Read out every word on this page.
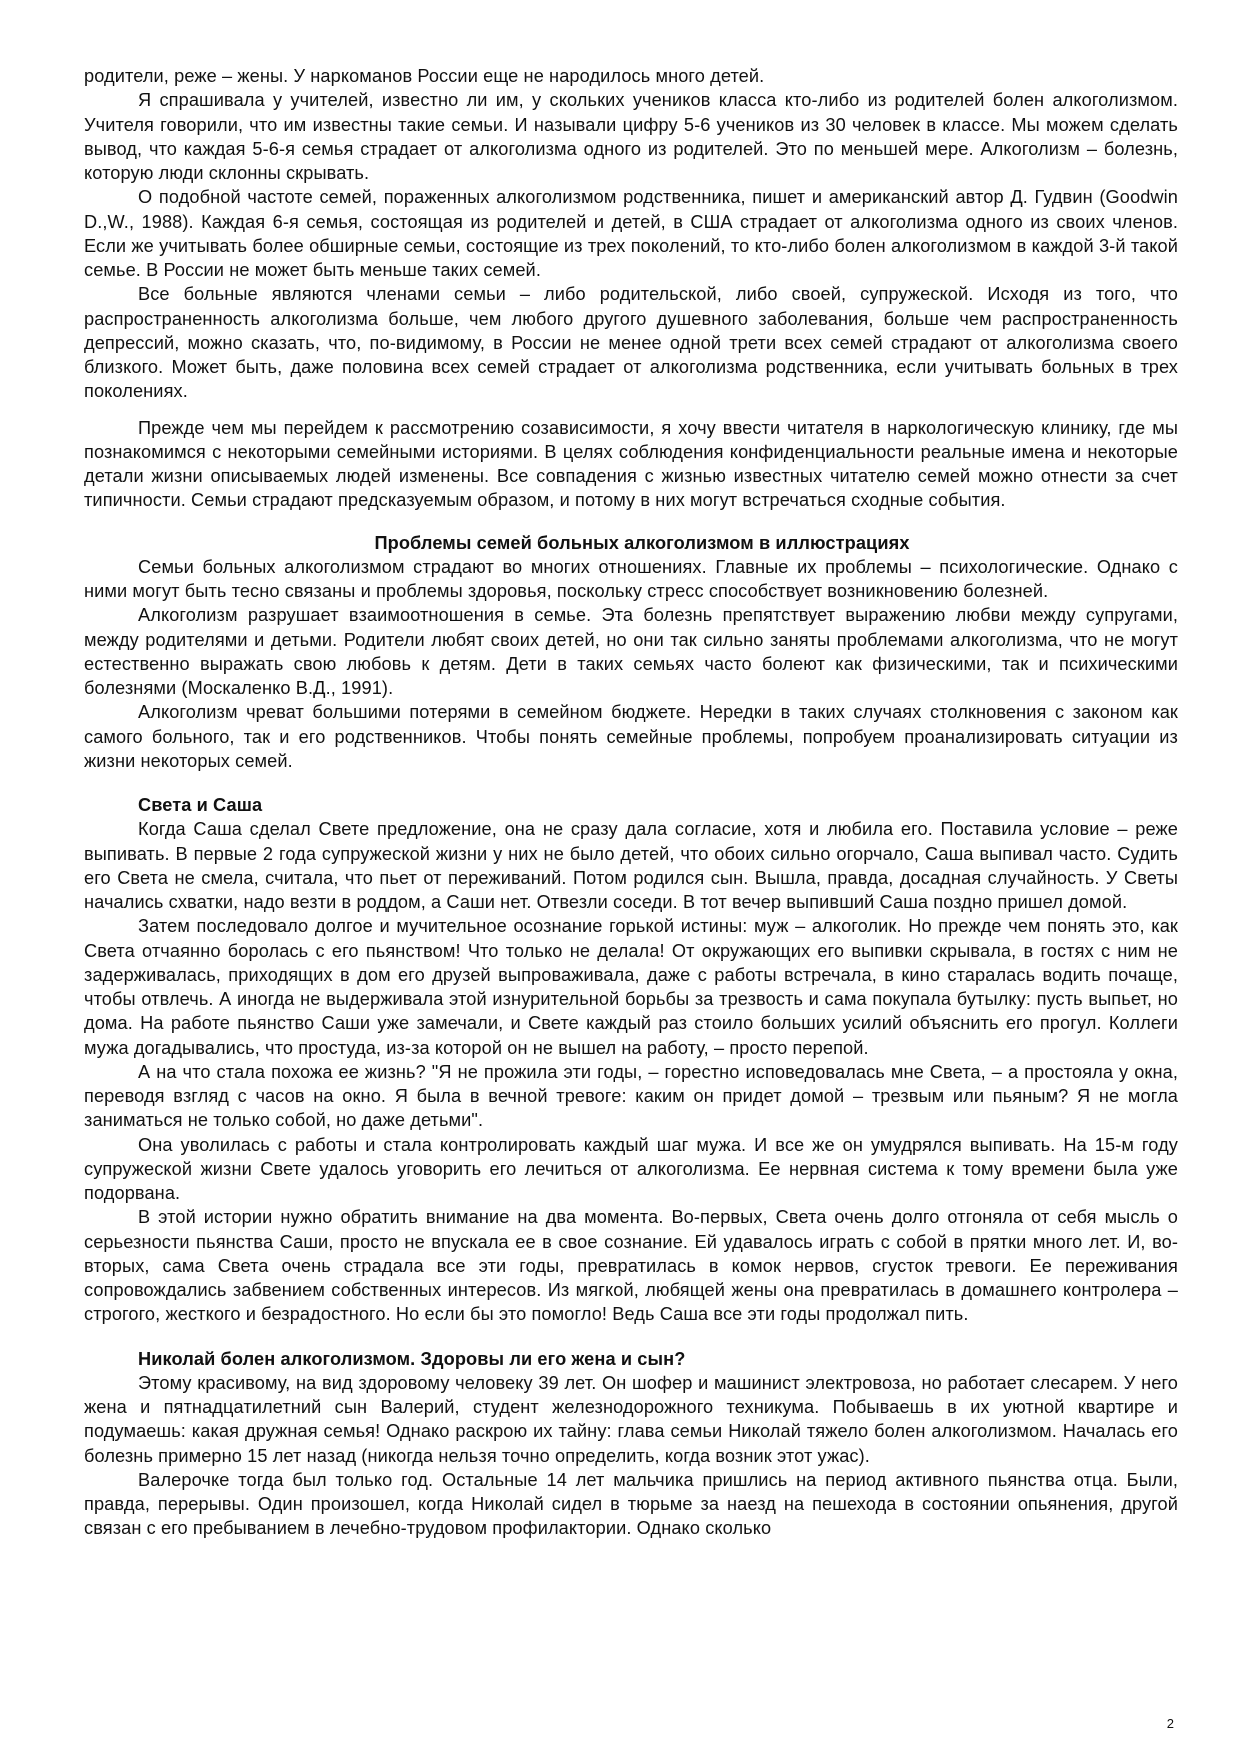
родители, реже – жены. У наркоманов России еще не народилось много детей.

Я спрашивала у учителей, известно ли им, у скольких учеников класса кто-либо из родителей болен алкоголизмом. Учителя говорили, что им известны такие семьи. И называли цифру 5-6 учеников из 30 человек в классе. Мы можем сделать вывод, что каждая 5-6-я семья страдает от алкоголизма одного из родителей. Это по меньшей мере. Алкоголизм – болезнь, которую люди склонны скрывать.

О подобной частоте семей, пораженных алкоголизмом родственника, пишет и американский автор Д. Гудвин (Goodwin D.,W., 1988). Каждая 6-я семья, состоящая из родителей и детей, в США страдает от алкоголизма одного из своих членов. Если же учитывать более обширные семьи, состоящие из трех поколений, то кто-либо болен алкоголизмом в каждой 3-й такой семье. В России не может быть меньше таких семей.

Все больные являются членами семьи – либо родительской, либо своей, супружеской. Исходя из того, что распространенность алкоголизма больше, чем любого другого душевного заболевания, больше чем распространенность депрессий, можно сказать, что, по-видимому, в России не менее одной трети всех семей страдают от алкоголизма своего близкого. Может быть, даже половина всех семей страдает от алкоголизма родственника, если учитывать больных в трех поколениях.

Прежде чем мы перейдем к рассмотрению созависимости, я хочу ввести читателя в наркологическую клинику, где мы познакомимся с некоторыми семейными историями. В целях соблюдения конфиденциальности реальные имена и некоторые детали жизни описываемых людей изменены. Все совпадения с жизнью известных читателю семей можно отнести за счет типичности. Семьи страдают предсказуемым образом, и потому в них могут встречаться сходные события.

Проблемы семей больных алкоголизмом в иллюстрациях

Семьи больных алкоголизмом страдают во многих отношениях. Главные их проблемы – психологические. Однако с ними могут быть тесно связаны и проблемы здоровья, поскольку стресс способствует возникновению болезней.

Алкоголизм разрушает взаимоотношения в семье. Эта болезнь препятствует выражению любви между супругами, между родителями и детьми. Родители любят своих детей, но они так сильно заняты проблемами алкоголизма, что не могут естественно выражать свою любовь к детям. Дети в таких семьях часто болеют как физическими, так и психическими болезнями (Москаленко В.Д., 1991).

Алкоголизм чреват большими потерями в семейном бюджете. Нередки в таких случаях столкновения с законом как самого больного, так и его родственников. Чтобы понять семейные проблемы, попробуем проанализировать ситуации из жизни некоторых семей.

Света и Саша

Когда Саша сделал Свете предложение, она не сразу дала согласие, хотя и любила его. Поставила условие – реже выпивать. В первые 2 года супружеской жизни у них не было детей, что обоих сильно огорчало, Саша выпивал часто. Судить его Света не смела, считала, что пьет от переживаний. Потом родился сын. Вышла, правда, досадная случайность. У Светы начались схватки, надо везти в роддом, а Саши нет. Отвезли соседи. В тот вечер выпивший Саша поздно пришел домой.

Затем последовало долгое и мучительное осознание горькой истины: муж – алкоголик. Но прежде чем понять это, как Света отчаянно боролась с его пьянством! Что только не делала! От окружающих его выпивки скрывала, в гостях с ним не задерживалась, приходящих в дом его друзей выпроваживала, даже с работы встречала, в кино старалась водить почаще, чтобы отвлечь. А иногда не выдерживала этой изнурительной борьбы за трезвость и сама покупала бутылку: пусть выпьет, но дома. На работе пьянство Саши уже замечали, и Свете каждый раз стоило больших усилий объяснить его прогул. Коллеги мужа догадывались, что простуда, из-за которой он не вышел на работу, – просто перепой.

А на что стала похожа ее жизнь? "Я не прожила эти годы, – горестно исповедовалась мне Света, – а простояла у окна, переводя взгляд с часов на окно. Я была в вечной тревоге: каким он придет домой – трезвым или пьяным? Я не могла заниматься не только собой, но даже детьми".

Она уволилась с работы и стала контролировать каждый шаг мужа. И все же он умудрялся выпивать. На 15-м году супружеской жизни Свете удалось уговорить его лечиться от алкоголизма. Ее нервная система к тому времени была уже подорвана.

В этой истории нужно обратить внимание на два момента. Во-первых, Света очень долго отгоняла от себя мысль о серьезности пьянства Саши, просто не впускала ее в свое сознание. Ей удавалось играть с собой в прятки много лет. И, во-вторых, сама Света очень страдала все эти годы, превратилась в комок нервов, сгусток тревоги. Ее переживания сопровождались забвением собственных интересов. Из мягкой, любящей жены она превратилась в домашнего контролера – строгого, жесткого и безрадостного. Но если бы это помогло! Ведь Саша все эти годы продолжал пить.

Николай болен алкоголизмом. Здоровы ли его жена и сын?

Этому красивому, на вид здоровому человеку 39 лет. Он шофер и машинист электровоза, но работает слесарем. У него жена и пятнадцатилетний сын Валерий, студент железнодорожного техникума. Побываешь в их уютной квартире и подумаешь: какая дружная семья! Однако раскрою их тайну: глава семьи Николай тяжело болен алкоголизмом. Началась его болезнь примерно 15 лет назад (никогда нельзя точно определить, когда возник этот ужас).

Валерочке тогда был только год. Остальные 14 лет мальчика пришлись на период активного пьянства отца. Были, правда, перерывы. Один произошел, когда Николай сидел в тюрьме за наезд на пешехода в состоянии опьянения, другой связан с его пребыванием в лечебно-трудовом профилактории. Однако сколько

2
